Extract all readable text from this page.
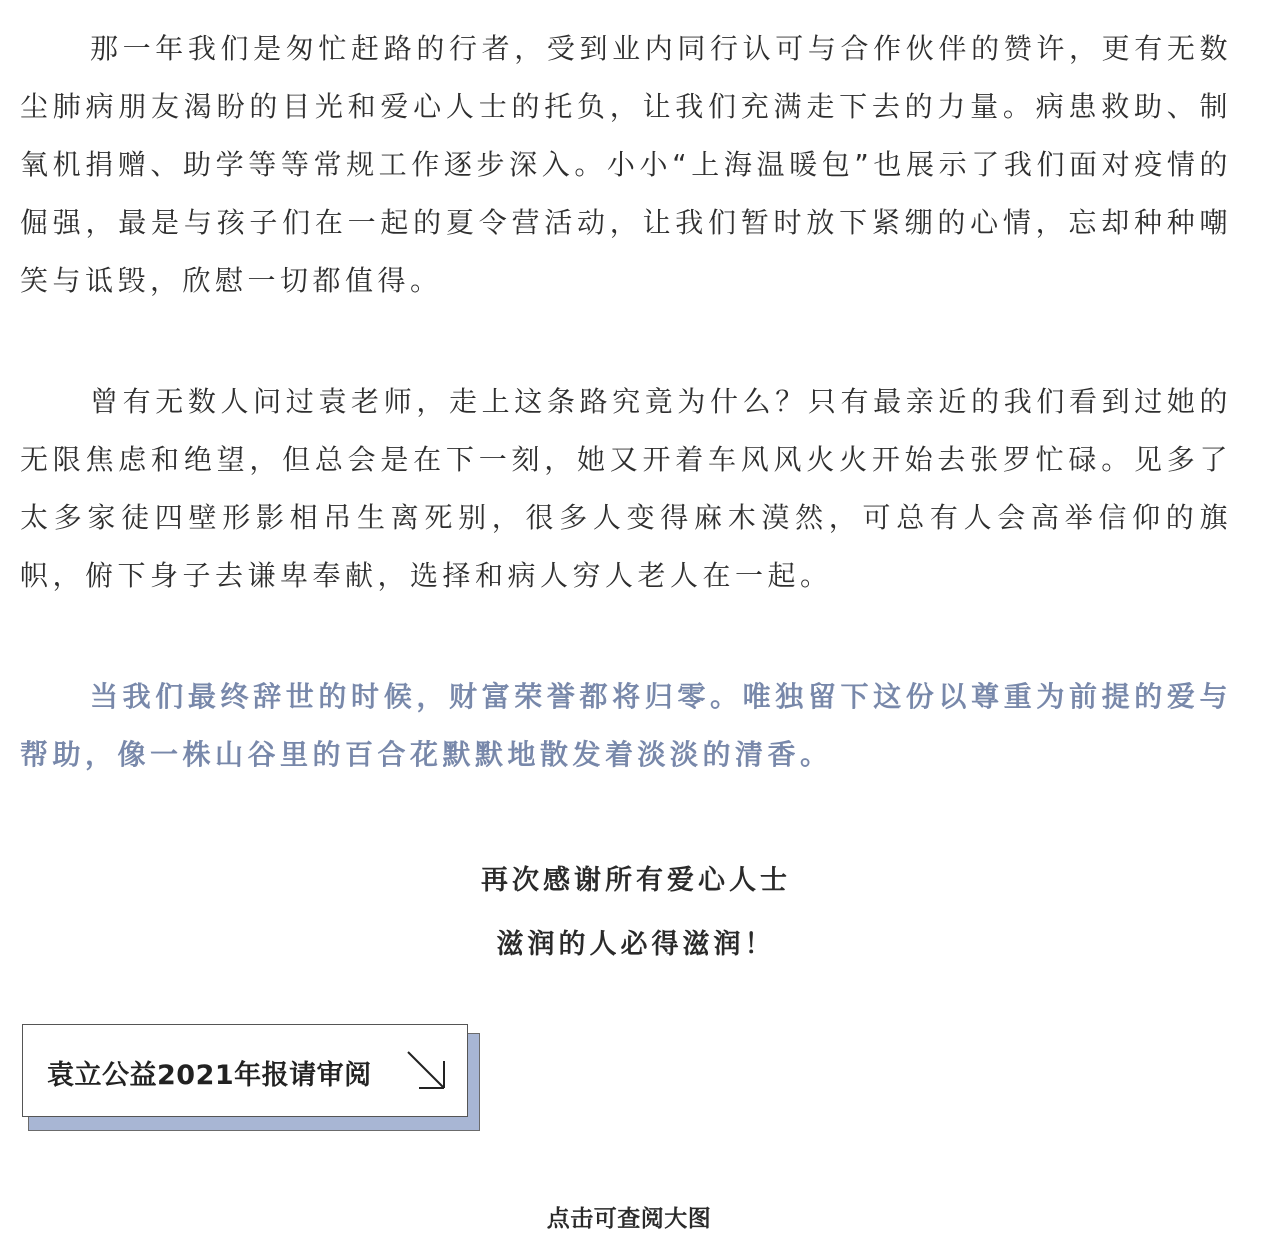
那一年我们是匆忙赶路的行者，受到业内同行认可与合作伙伴的赞许，更有无数尘肺病朋友渴盼的目光和爱心人士的托负，让我们充满走下去的力量。病患救助、制氧机捐赠、助学等等常规工作逐步深入。小小“上海温暖包”也展示了我们面对疫情的倔强，最是与孩子们在一起的夏令营活动，让我们暂时放下紧绷的心情，忘却种种嘲笑与诋毁，欣慰一切都值得。

曾有无数人问过袁老师，走上这条路究竟为什么？只有最亲近的我们看到过她的无限焦虑和绝望，但总会是在下一刻，她又开着车风风火火开始去张罗忙碌。见多了太多家徒四壁形影相吊生离死别，很多人变得麻木漠然，可总有人会高举信仰的旗帜，俯下身子去谦卑奉献，选择和病人穷人老人在一起。

当我们最终辞世的时候，财富荣誉都将归零。唯独留下这份以尊重为前提的爱与帮助，像一株山谷里的百合花默默地散发着淡淡的清香。

再次感谢所有爱心人士
滋润的人必得滋润！
袁立公益2021年报请审阅
点击可查阅大图
